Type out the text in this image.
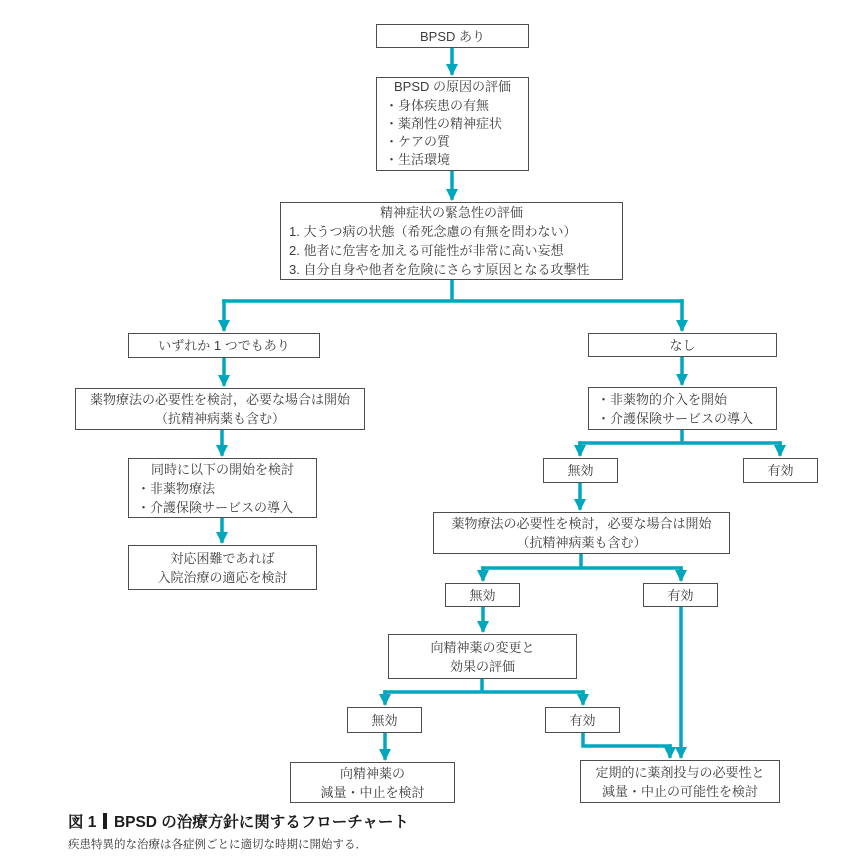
BPSD あり
BPSD の原因の評価
・身体疾患の有無
・薬剤性の精神症状
・ケアの質
・生活環境
精神症状の緊急性の評価
1. 大うつ病の状態（希死念慮の有無を問わない）
2. 他者に危害を加える可能性が非常に高い妄想
3. 自分自身や他者を危険にさらす原因となる攻撃性
いずれか 1 つでもあり	なし
薬物療法の必要性を検討，必要な場合は開始
（抗精神病薬も含む）
同時に以下の開始を検討
・非薬物療法
・介護保険サービスの導入
対応困難であれば
入院治療の適応を検討
・非薬物的介入を開始
・介護保険サービスの導入
無効	有効
薬物療法の必要性を検討，必要な場合は開始
（抗精神病薬も含む）
無効	有効
向精神薬の変更と
効果の評価
無効	有効
向精神薬の
減量・中止を検討
定期的に薬剤投与の必要性と
減量・中止の可能性を検討
図 1 BPSD の治療方針に関するフローチャート
疾患特異的な治療は各症例ごとに適切な時期に開始する．
